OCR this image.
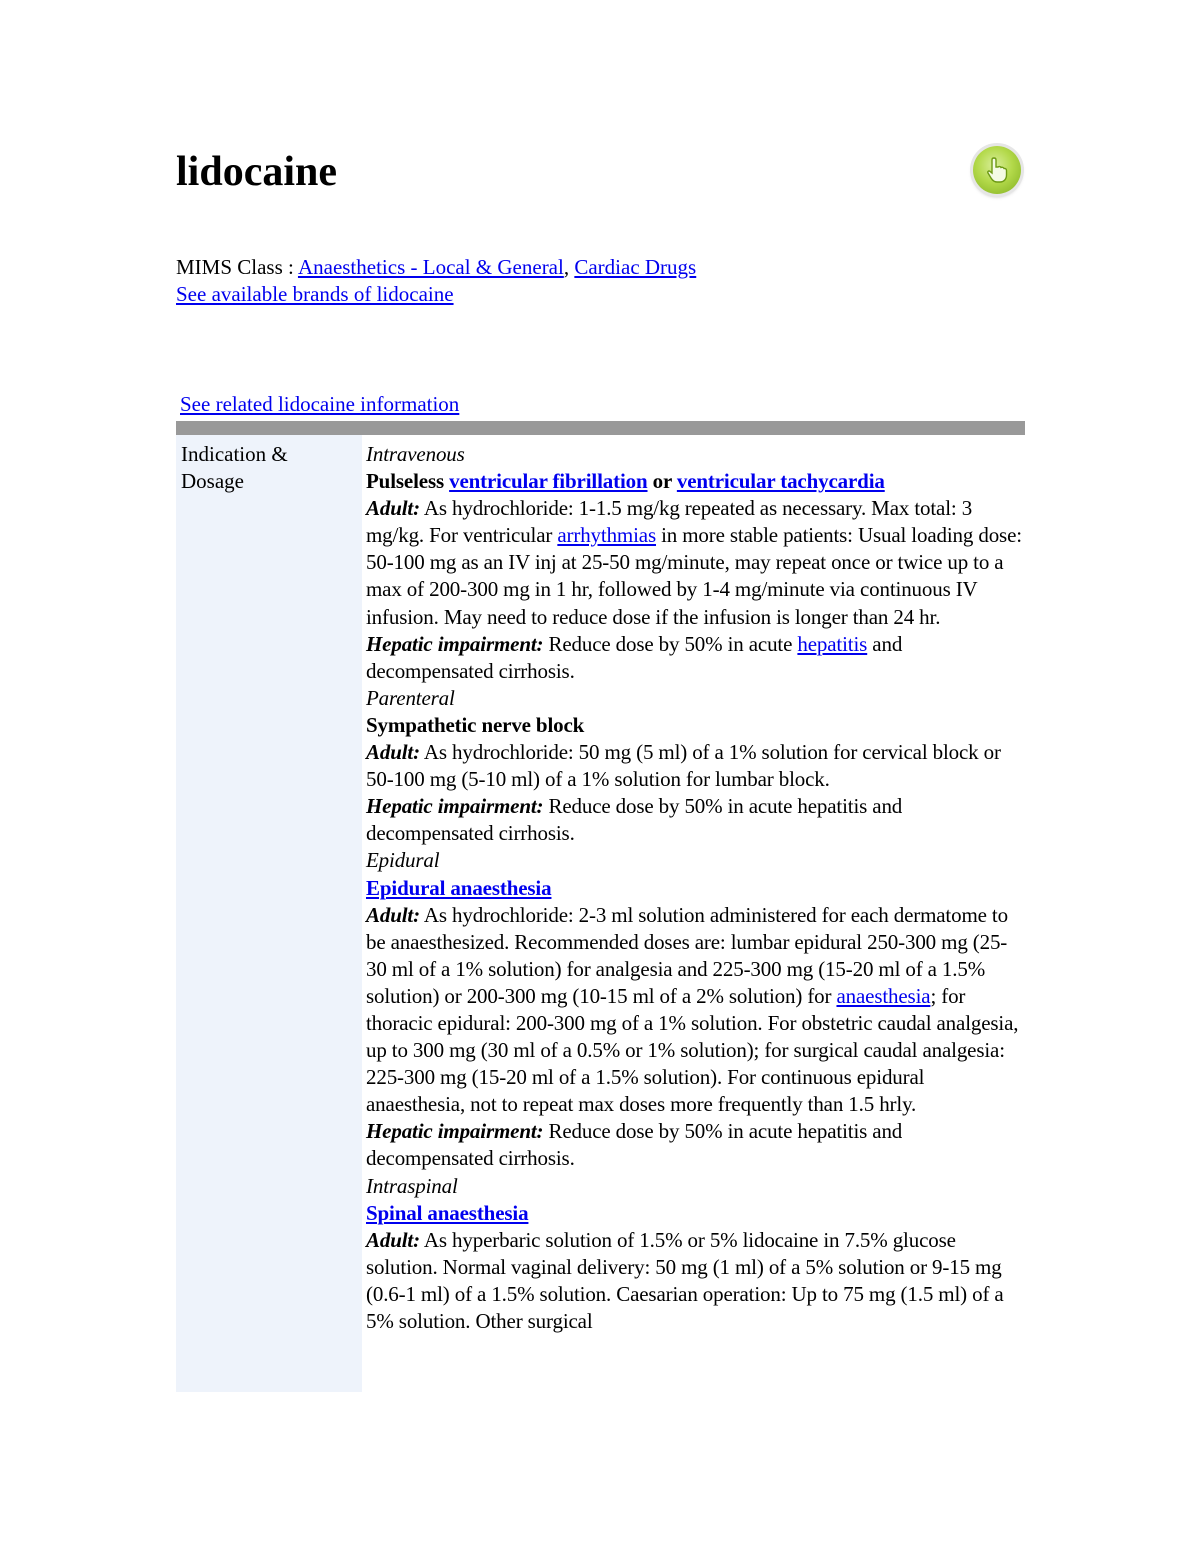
lidocaine
MIMS Class : Anaesthetics - Local & General, Cardiac Drugs
See available brands of lidocaine
See related lidocaine information
Indication & Dosage
Intravenous
Pulseless ventricular fibrillation or ventricular tachycardia
Adult: As hydrochloride: 1-1.5 mg/kg repeated as necessary. Max total: 3 mg/kg. For ventricular arrhythmias in more stable patients: Usual loading dose: 50-100 mg as an IV inj at 25-50 mg/minute, may repeat once or twice up to a max of 200-300 mg in 1 hr, followed by 1-4 mg/minute via continuous IV infusion. May need to reduce dose if the infusion is longer than 24 hr.
Hepatic impairment: Reduce dose by 50% in acute hepatitis and decompensated cirrhosis.
Parenteral
Sympathetic nerve block
Adult: As hydrochloride: 50 mg (5 ml) of a 1% solution for cervical block or 50-100 mg (5-10 ml) of a 1% solution for lumbar block.
Hepatic impairment: Reduce dose by 50% in acute hepatitis and decompensated cirrhosis.
Epidural
Epidural anaesthesia
Adult: As hydrochloride: 2-3 ml solution administered for each dermatome to be anaesthesized. Recommended doses are: lumbar epidural 250-300 mg (25-30 ml of a 1% solution) for analgesia and 225-300 mg (15-20 ml of a 1.5% solution) or 200-300 mg (10-15 ml of a 2% solution) for anaesthesia; for thoracic epidural: 200-300 mg of a 1% solution. For obstetric caudal analgesia, up to 300 mg (30 ml of a 0.5% or 1% solution); for surgical caudal analgesia: 225-300 mg (15-20 ml of a 1.5% solution). For continuous epidural anaesthesia, not to repeat max doses more frequently than 1.5 hrly.
Hepatic impairment: Reduce dose by 50% in acute hepatitis and decompensated cirrhosis.
Intraspinal
Spinal anaesthesia
Adult: As hyperbaric solution of 1.5% or 5% lidocaine in 7.5% glucose solution. Normal vaginal delivery: 50 mg (1 ml) of a 5% solution or 9-15 mg (0.6-1 ml) of a 1.5% solution. Caesarian operation: Up to 75 mg (1.5 ml) of a 5% solution. Other surgical
